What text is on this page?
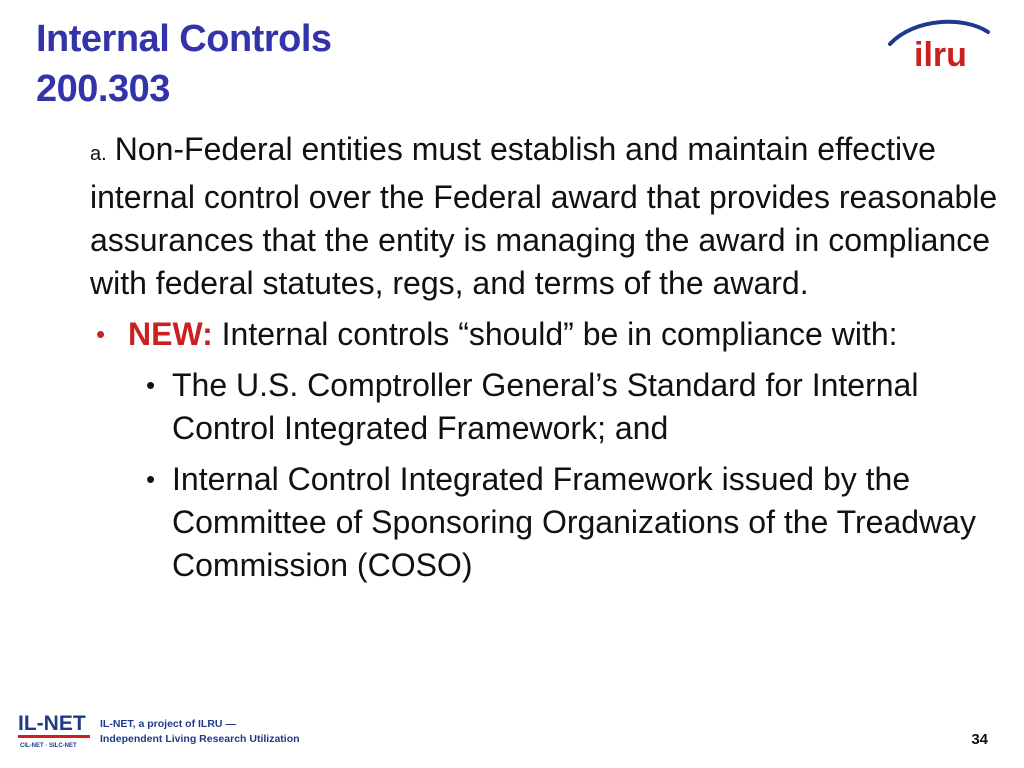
Internal Controls
200.303
ilru

a. Non-Federal entities must establish and maintain effective internal control over the Federal award that provides reasonable assurances that the entity is managing the award in compliance with federal statutes, regs, and terms of the award.

• NEW: Internal controls “should” be in compliance with:
• The U.S. Comptroller General’s Standard for Internal Control Integrated Framework; and
• Internal Control Integrated Framework issued by the Committee of Sponsoring Organizations of the Treadway Commission (COSO)
IL-NET
CIL-NET · SILC-NET
IL-NET, a project of ILRU —
Independent Living Research Utilization	34
